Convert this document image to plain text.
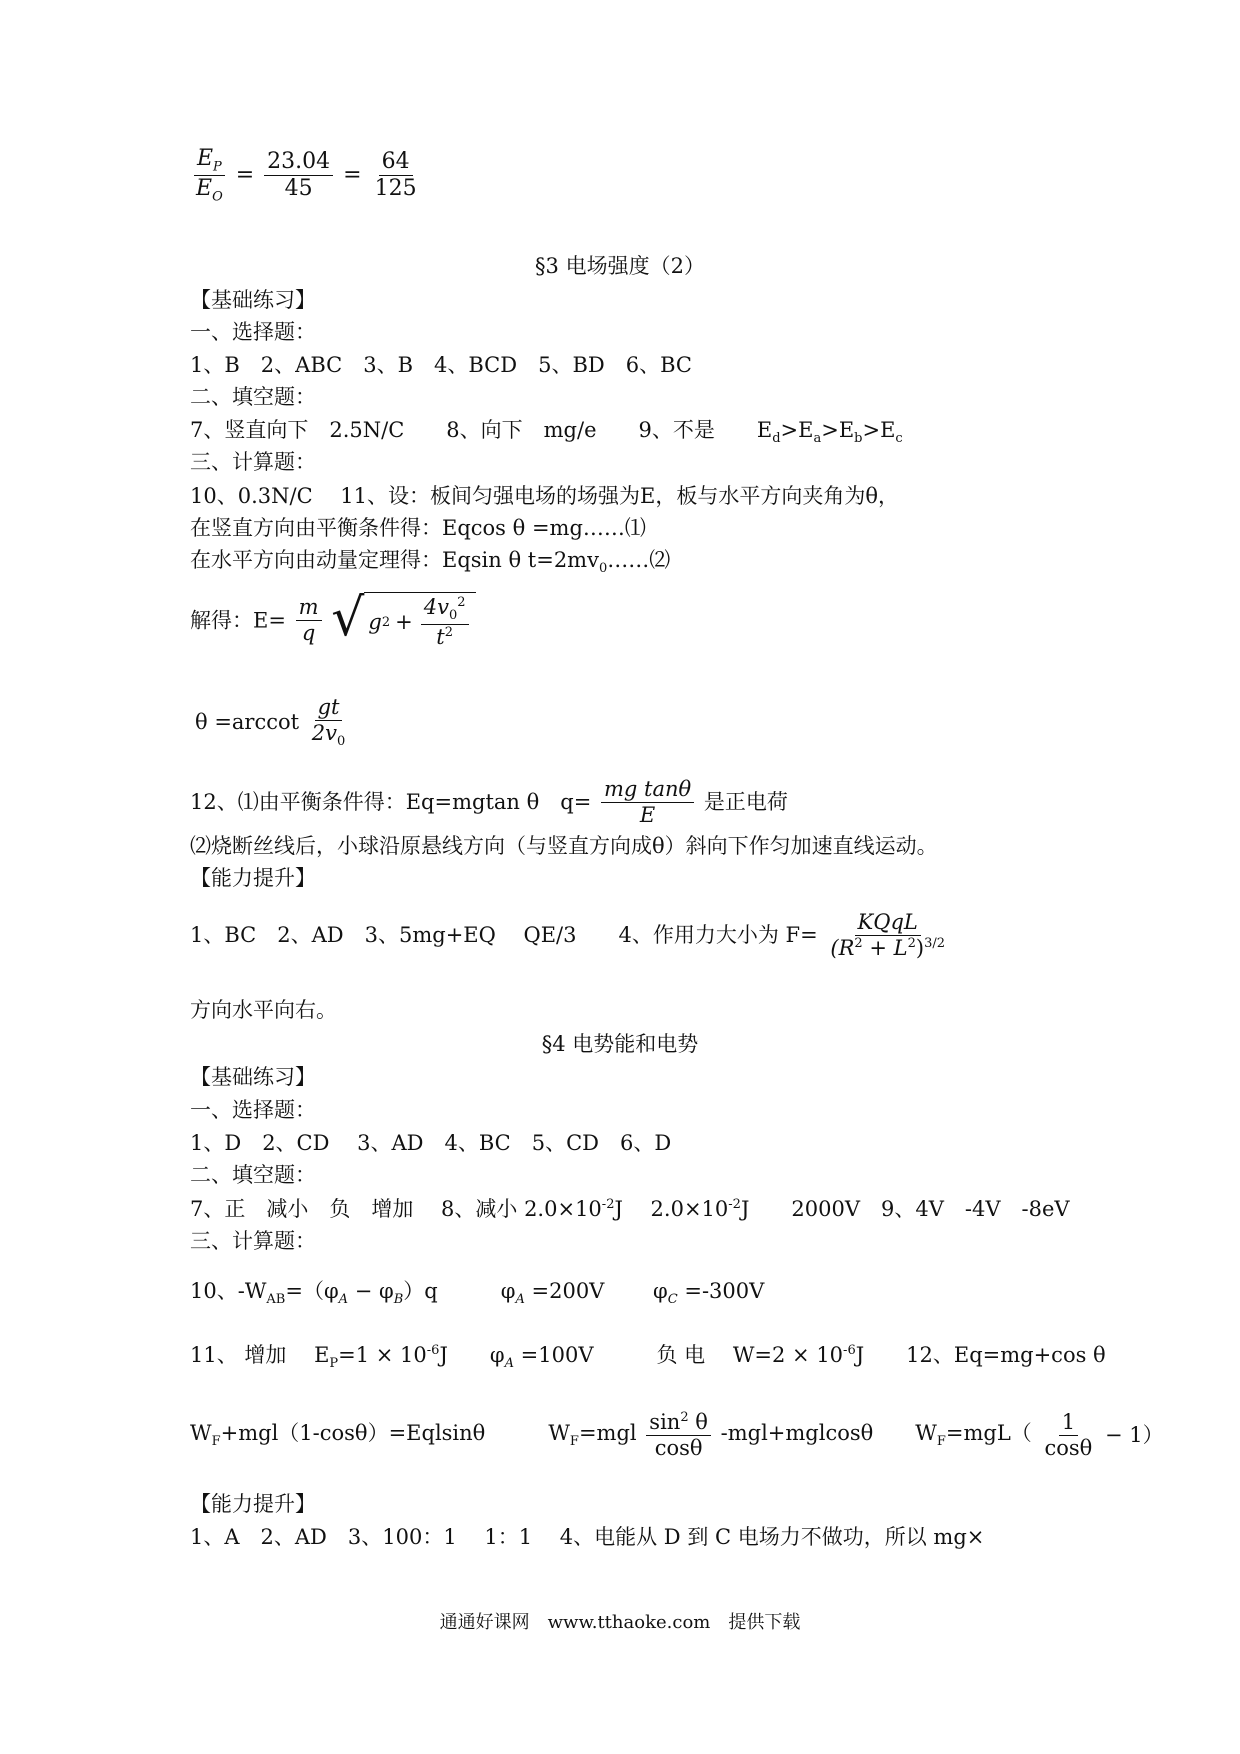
$\frac{E_P}{E_O} = \frac{23.04}{45} = \frac{64}{125}$
§3 电场强度（2）
【基础练习】
一、选择题：
1、B　2、ABC　3、B　4、BCD　5、BD　6、BC
二、填空题：
7、竖直向下　2.5N/C　　8、向下　mg/e　　9、不是　　$E_d>E_a>E_b>E_c$
三、计算题：
10、0.3N/C　 11、设：板间匀强电场的场强为E，板与水平方向夹角为θ，
在竖直方向由平衡条件得：Eqcos θ =mg……⑴
在水平方向由动量定理得：Eqsin θ $t=2mv_0\dots\dots ⑵$
解得：$E= \frac{m}{q}$
√ g $2 + \frac{4v_0^2}{t^2}$
$\theta =arccot \frac{gt}{2v_0}$
12、⑴由平衡条件得：Eq=mgtan θ　$q= \frac{\text{mg tanθ}}{E}$ 是正电荷
⑵烧断丝线后，小球沿原悬线方向（与竖直方向成θ）斜向下作匀加速直线运动。
【能力提升】
1、BC　2、AD　3、5mg+EQ　 QE/3　　4、作用力大小为 $F= \frac{\text{KQqL}}{(R^2 + L^2)^{3/2}}$
方向水平向右。
§4 电势能和电势
【基础练习】
一、选择题：
1、D　2、CD　 3、AD　4、BC　5、CD　6、D
二、填空题：
7、正　减小　负　增加　 8、减小 $2.0\times 10^{-2}J$　 $2.0\times 10^{-2}J$　　2000V　9、4V　-4V　-8eV
三、计算题：
10、$-W_{AB}=(\varphi_A - \varphi_B)q$　　　$\varphi_A =200V$　　 $\varphi_C =-300V$
11、 增加　 $E_P=1 \times 10^{-6}J$　　$\varphi_A =100V$　　　负 电　 $W=2 \times 10^{-6}J$　　12、Eq=mg+cos θ
$W_F+mgl(1-\cos\theta)=Eqlsin\theta$　　　$W_F=mgl \frac{\sin^2 \theta}{\cos\theta} -mgl+mglcos\theta$　　$W_F=mgL( \frac{1}{\cos\theta} - 1)$
【能力提升】
1、A　2、AD　3、100：1　 1：1　 4、电能从 D 到 C 电场力不做功，所以 mg×
通通好课网　www.tthaoke.com　提供下载
